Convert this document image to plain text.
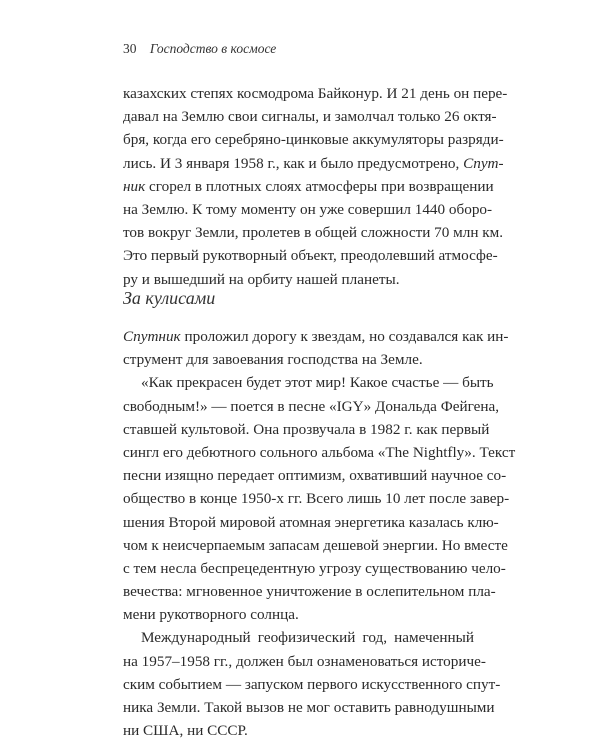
30 Господство в космосе
казахских степях космодрома Байконур. И 21 день он пере-
давал на Землю свои сигналы, и замолчал только 26 октя-
бря, когда его серебряно-цинковые аккумуляторы разряди-
лись. И 3 января 1958 г., как и было предусмотрено, Спут-
ник сгорел в плотных слоях атмосферы при возвращении
на Землю. К тому моменту он уже совершил 1440 оборо-
тов вокруг Земли, пролетев в общей сложности 70 млн км.
Это первый рукотворный объект, преодолевший атмосфе-
ру и вышедший на орбиту нашей планеты.
За кулисами
Спутник проложил дорогу к звездам, но создавался как ин-
струмент для завоевания господства на Земле.
«Как прекрасен будет этот мир! Какое счастье — быть
свободным!» — поется в песне «IGY» Дональда Фейгена,
ставшей культовой. Она прозвучала в 1982 г. как первый
сингл его дебютного сольного альбома «The Nightfly». Текст
песни изящно передает оптимизм, охвативший научное со-
общество в конце 1950-х гг. Всего лишь 10 лет после завер-
шения Второй мировой атомная энергетика казалась клю-
чом к неисчерпаемым запасам дешевой энергии. Но вместе
с тем несла беспрецедентную угрозу существованию чело-
вечества: мгновенное уничтожение в ослепительном пла-
мени рукотворного солнца.
Международный геофизический год, намеченный
на 1957–1958 гг., должен был ознаменоваться историче-
ским событием — запуском первого искусственного спут-
ника Земли. Такой вызов не мог оставить равнодушными
ни США, ни СССР.
